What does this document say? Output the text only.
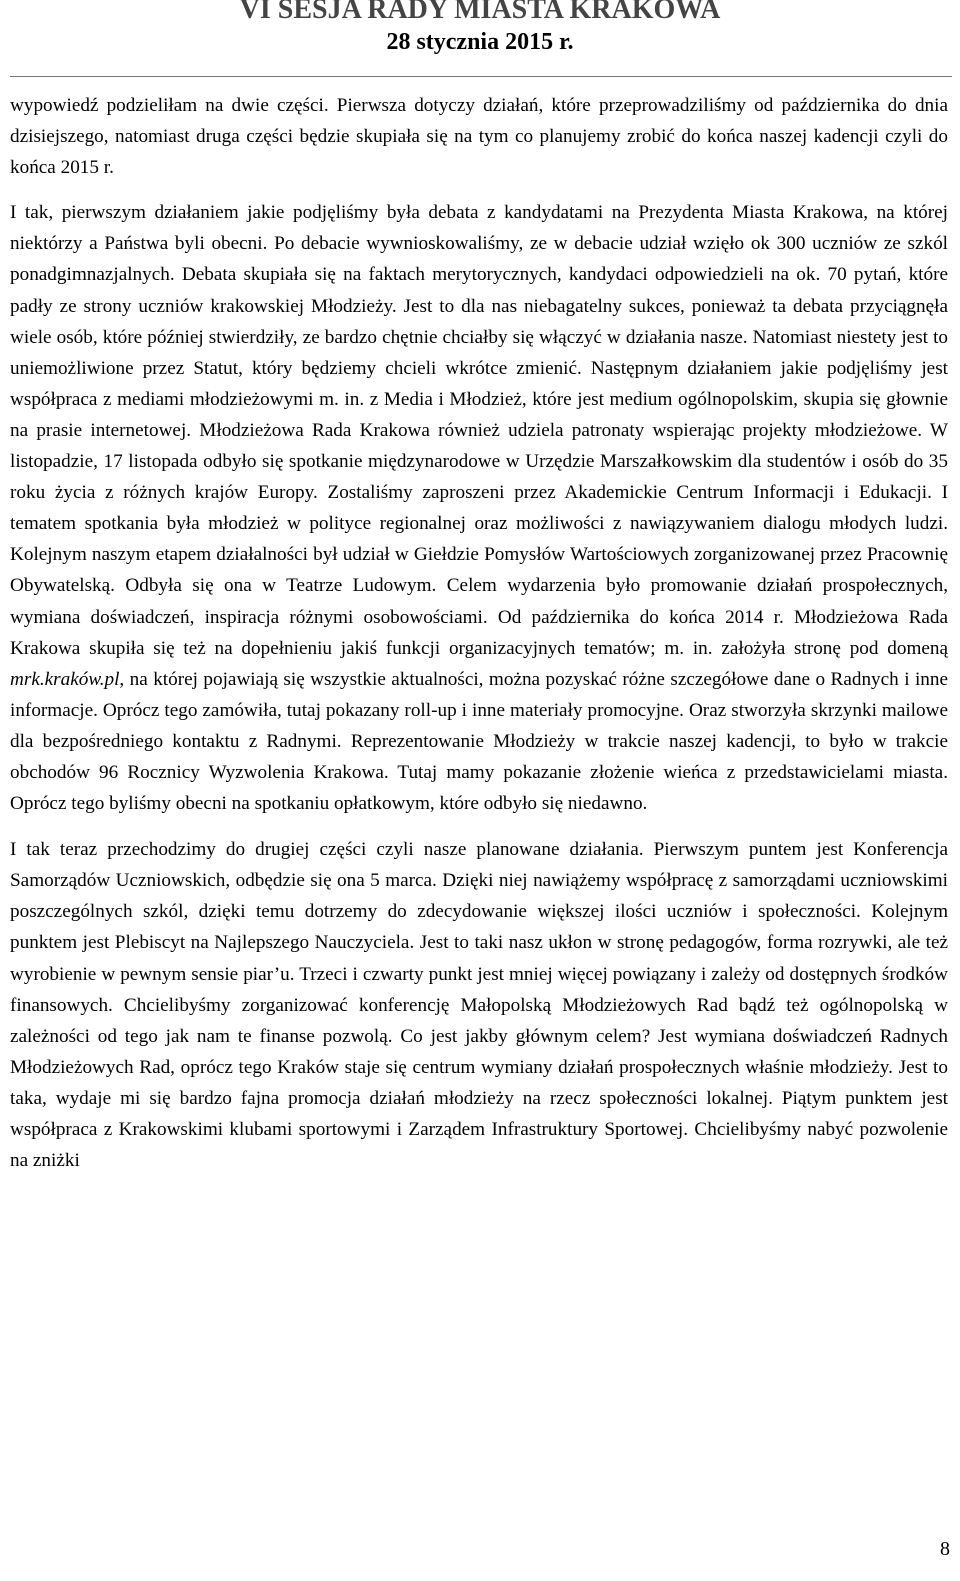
VI SESJA RADY MIASTA KRAKOWA
28 stycznia 2015 r.

wypowiedź podzieliłam na dwie części. Pierwsza dotyczy działań, które przeprowadziliśmy od października do dnia dzisiejszego, natomiast druga części będzie skupiała się na tym co planujemy zrobić do końca naszej kadencji czyli do końca 2015 r.

I tak, pierwszym działaniem jakie podjęliśmy była debata z kandydatami na Prezydenta Miasta Krakowa, na której niektórzy a Państwa byli obecni. Po debacie wywnioskowaliśmy, ze w debacie udział wzięło ok 300 uczniów ze szkól ponadgimnazjalnych. Debata skupiała się na faktach merytorycznych, kandydaci odpowiedzieli na ok. 70 pytań, które padły ze strony uczniów krakowskiej Młodzieży. Jest to dla nas niebagatelny sukces, ponieważ ta debata przyciągnęła wiele osób, które później stwierdziły, ze bardzo chętnie chciałby się włączyć w działania nasze. Natomiast niestety jest to uniemożliwione przez Statut, który będziemy chcieli wkrótce zmienić. Następnym działaniem jakie podjęliśmy jest współpraca z mediami młodzieżowymi m. in. z Media i Młodzież, które jest medium ogólnopolskim, skupia się głownie na prasie internetowej. Młodzieżowa Rada Krakowa również udziela patronaty wspierając projekty młodzieżowe. W listopadzie, 17 listopada odbyło się spotkanie międzynarodowe w Urzędzie Marszałkowskim dla studentów i osób do 35 roku życia z różnych krajów Europy. Zostaliśmy zaproszeni przez Akademickie Centrum Informacji i Edukacji. I tematem spotkania była młodzież w polityce regionalnej oraz możliwości z nawiązywaniem dialogu młodych ludzi. Kolejnym naszym etapem działalności był udział w Giełdzie Pomysłów Wartościowych zorganizowanej przez Pracownię Obywatelską. Odbyła się ona w Teatrze Ludowym. Celem wydarzenia było promowanie działań prospołecznych, wymiana doświadczeń, inspiracja różnymi osobowościami. Od października do końca 2014 r. Młodzieżowa Rada Krakowa skupiła się też na dopełnieniu jakiś funkcji organizacyjnych tematów; m. in. założyła stronę pod domeną mrk.kraków.pl, na której pojawiają się wszystkie aktualności, można pozyskać różne szczegółowe dane o Radnych i inne informacje. Oprócz tego zamówiła, tutaj pokazany roll-up i inne materiały promocyjne. Oraz stworzyła skrzynki mailowe dla bezpośredniego kontaktu z Radnymi. Reprezentowanie Młodzieży w trakcie naszej kadencji, to było w trakcie obchodów 96 Rocznicy Wyzwolenia Krakowa. Tutaj mamy pokazanie złożenie wieńca z przedstawicielami miasta. Oprócz tego byliśmy obecni na spotkaniu opłatkowym, które odbyło się niedawno.

I tak teraz przechodzimy do drugiej części czyli nasze planowane działania. Pierwszym puntem jest Konferencja Samorządów Uczniowskich, odbędzie się ona 5 marca. Dzięki niej nawiążemy współpracę z samorządami uczniowskimi poszczególnych szkól, dzięki temu dotrzemy do zdecydowanie większej ilości uczniów i społeczności. Kolejnym punktem jest Plebiscyt na Najlepszego Nauczyciela. Jest to taki nasz ukłon w stronę pedagogów, forma rozrywki, ale też wyrobienie w pewnym sensie piar’u. Trzeci i czwarty punkt jest mniej więcej powiązany i zależy od dostępnych środków finansowych. Chcielibyśmy zorganizować konferencję Małopolską Młodzieżowych Rad bądź też ogólnopolską w zależności od tego jak nam te finanse pozwolą. Co jest jakby głównym celem? Jest wymiana doświadczeń Radnych Młodzieżowych Rad, oprócz tego Kraków staje się centrum wymiany działań prospołecznych właśnie młodzieży. Jest to taka, wydaje mi się bardzo fajna promocja działań młodzieży na rzecz społeczności lokalnej. Piątym punktem jest współpraca z Krakowskimi klubami sportowymi i Zarządem Infrastruktury Sportowej. Chcielibyśmy nabyć pozwolenie na zniżki

8
